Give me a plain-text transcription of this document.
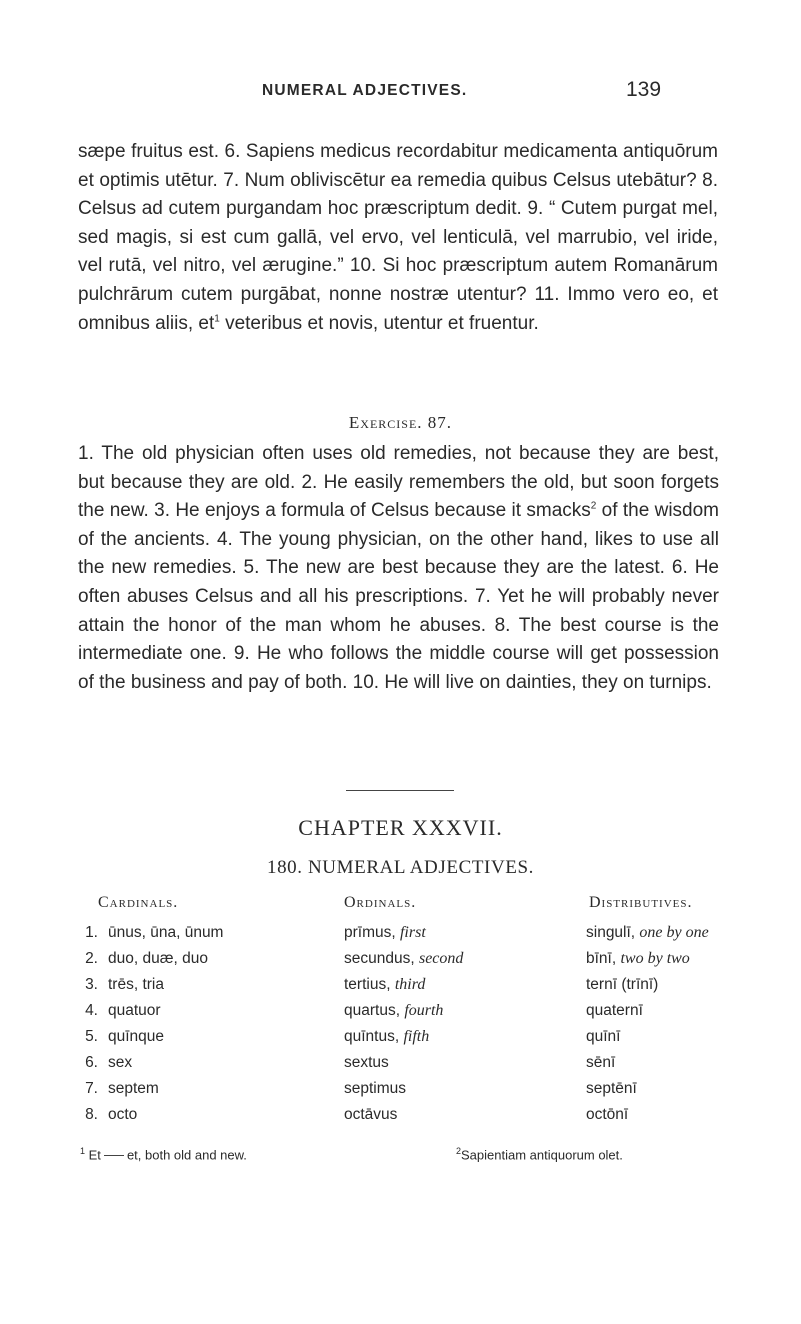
NUMERAL ADJECTIVES.	139
sæpe fruitus est. 6. Sapiens medicus recordabitur medicamenta antiquōrum et optimis utētur. 7. Num obliviscētur ea remedia quibus Celsus utebātur? 8. Celsus ad cutem purgandam hoc præscriptum dedit. 9. “ Cutem purgat mel, sed magis, si est cum gallā, vel ervo, vel lenticulā, vel marrubio, vel iride, vel rutā, vel nitro, vel ærugine.” 10. Si hoc præscriptum autem Romanārum pulchrārum cutem purgābat, nonne nostræ utentur? 11. Immo vero eo, et omnibus aliis, $et^1$ veteribus et novis, utentur et fruentur.
Exercise. 87.
1. The old physician often uses old remedies, not because they are best, but because they are old. 2. He easily remembers the old, but soon forgets the new. 3. He enjoys a formula of Celsus because it smacks$^2$ of the wisdom of the ancients. 4. The young physician, on the other hand, likes to use all the new remedies. 5. The new are best because they are the latest. 6. He often abuses Celsus and all his prescriptions. 7. Yet he will probably never attain the honor of the man whom he abuses. 8. The best course is the intermediate one. 9. He who follows the middle course will get possession of the business and pay of both. 10. He will live on dainties, they on turnips.
CHAPTER XXXVII.
180. NUMERAL ADJECTIVES.
Cardinals.	Ordinals.	Distributives.
1. ūnus, ūna, ūnum	prīmus, first	singulī, one by one
2. duo, duæ, duo	secundus, second	bīnī, two by two
3. trēs, tria	tertius, third	ternī (trīnī)
4. quatuor	quartus, fourth	quaternī
5. quīnque	quīntus, fifth	quīnī
6. sex	sextus	sēnī
7. septem	septimus	septēnī
8. octo	octāvus	octōnī
$^1$ Et et, both old and new.	$^2$Sapientiam antiquorum olet.
